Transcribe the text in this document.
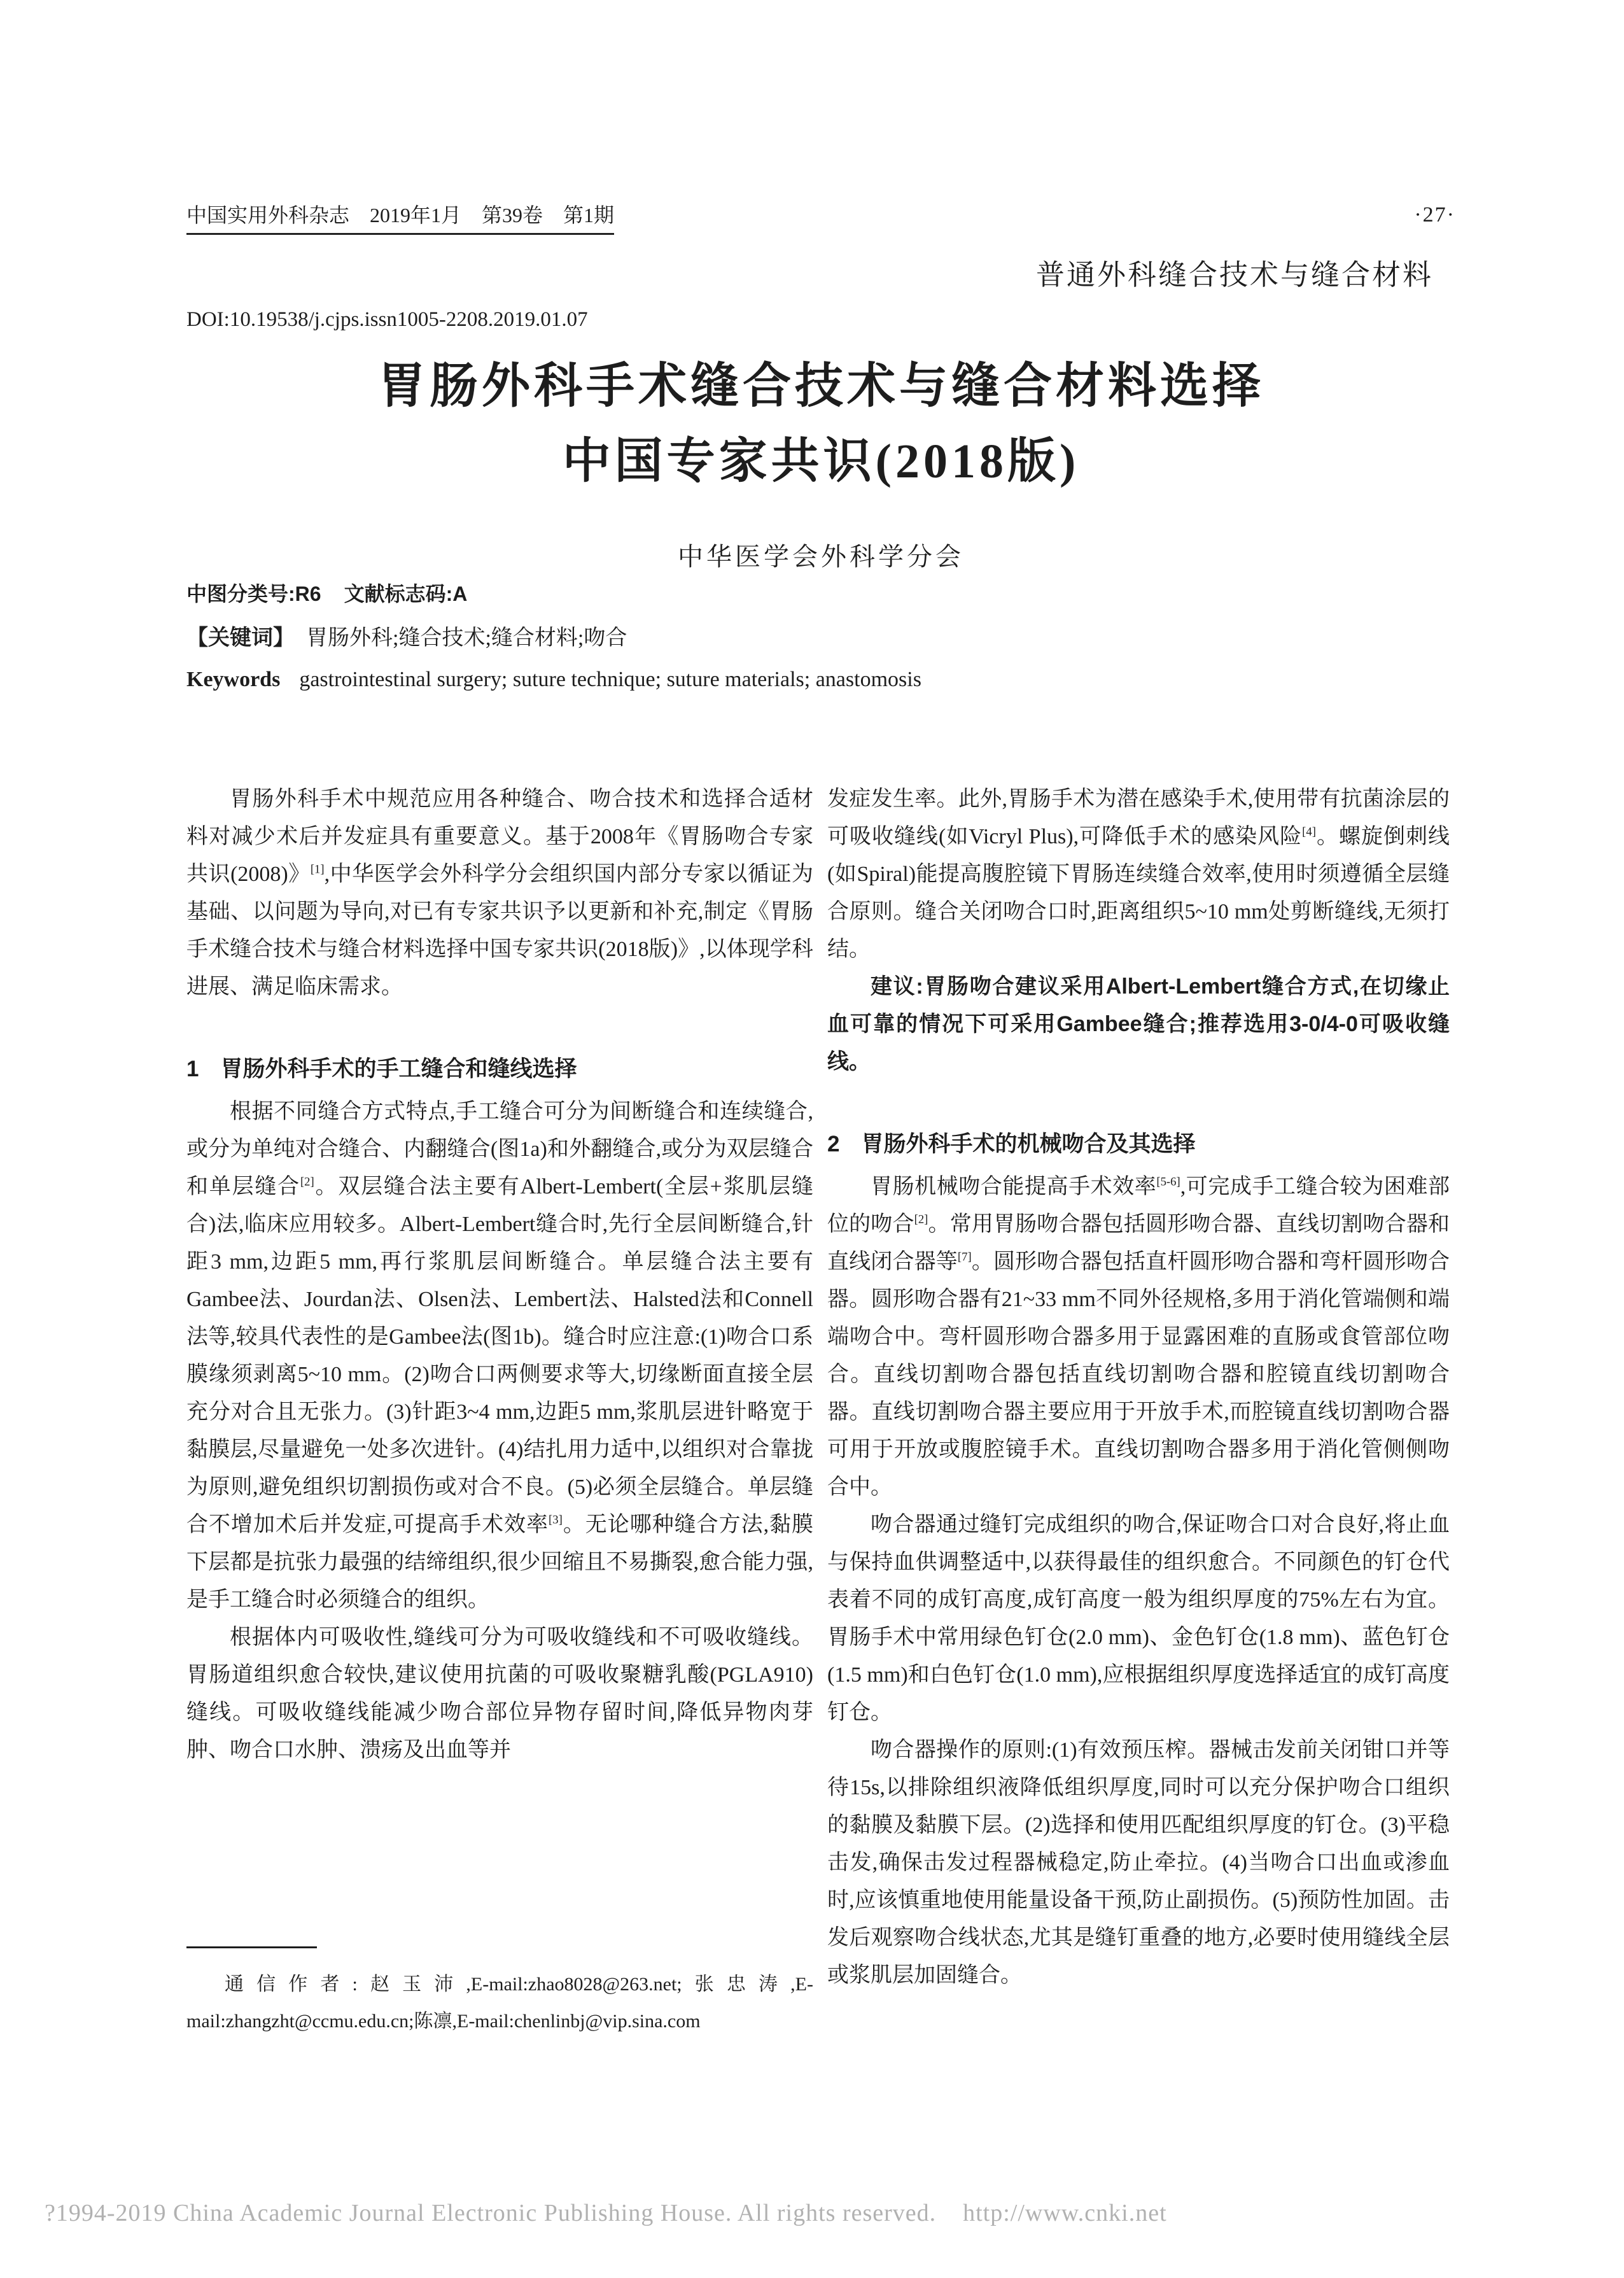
中国实用外科杂志　2019年1月　第39卷　第1期	·27·
普通外科缝合技术与缝合材料
DOI:10.19538/j.cjps.issn1005-2208.2019.01.07
胃肠外科手术缝合技术与缝合材料选择
中国专家共识(2018版)
中华医学会外科学分会
中图分类号:R6 文献标志码:A
【关键词】 胃肠外科;缝合技术;缝合材料;吻合
Keywords gastrointestinal surgery; suture technique; suture materials; anastomosis

胃肠外科手术中规范应用各种缝合、吻合技术和选择合适材料对减少术后并发症具有重要意义。基于2008年《胃肠吻合专家共识(2008)》[1],中华医学会外科学分会组织国内部分专家以循证为基础、以问题为导向,对已有专家共识予以更新和补充,制定《胃肠手术缝合技术与缝合材料选择中国专家共识(2018版)》,以体现学科进展、满足临床需求。

1 胃肠外科手术的手工缝合和缝线选择

根据不同缝合方式特点,手工缝合可分为间断缝合和连续缝合,或分为单纯对合缝合、内翻缝合(图1a)和外翻缝合,或分为双层缝合和单层缝合[2]。双层缝合法主要有Albert-Lembert(全层+浆肌层缝合)法,临床应用较多。Albert-Lembert缝合时,先行全层间断缝合,针距3 mm,边距5 mm,再行浆肌层间断缝合。单层缝合法主要有Gambee法、Jourdan法、Olsen法、Lembert法、Halsted法和Connell法等,较具代表性的是Gambee法(图1b)。缝合时应注意:(1)吻合口系膜缘须剥离5~10 mm。(2)吻合口两侧要求等大,切缘断面直接全层充分对合且无张力。(3)针距3~4 mm,边距5 mm,浆肌层进针略宽于黏膜层,尽量避免一处多次进针。(4)结扎用力适中,以组织对合靠拢为原则,避免组织切割损伤或对合不良。(5)必须全层缝合。单层缝合不增加术后并发症,可提高手术效率[3]。无论哪种缝合方法,黏膜下层都是抗张力最强的结缔组织,很少回缩且不易撕裂,愈合能力强,是手工缝合时必须缝合的组织。

根据体内可吸收性,缝线可分为可吸收缝线和不可吸收缝线。胃肠道组织愈合较快,建议使用抗菌的可吸收聚糖乳酸(PGLA910)缝线。可吸收缝线能减少吻合部位异物存留时间,降低异物肉芽肿、吻合口水肿、溃疡及出血等并

通信作者:赵玉沛,E-mail:zhao8028@263.net;张忠涛,E-mail:zhangzht@ccmu.edu.cn;陈凛,E-mail:chenlinbj@vip.sina.com

发症发生率。此外,胃肠手术为潜在感染手术,使用带有抗菌涂层的可吸收缝线(如Vicryl Plus),可降低手术的感染风险[4]。螺旋倒刺线(如Spiral)能提高腹腔镜下胃肠连续缝合效率,使用时须遵循全层缝合原则。缝合关闭吻合口时,距离组织5~10 mm处剪断缝线,无须打结。

建议:胃肠吻合建议采用Albert-Lembert缝合方式,在切缘止血可靠的情况下可采用Gambee缝合;推荐选用3-0/4-0可吸收缝线。

2 胃肠外科手术的机械吻合及其选择

胃肠机械吻合能提高手术效率[5-6],可完成手工缝合较为困难部位的吻合[2]。常用胃肠吻合器包括圆形吻合器、直线切割吻合器和直线闭合器等[7]。圆形吻合器包括直杆圆形吻合器和弯杆圆形吻合器。圆形吻合器有21~33 mm不同外径规格,多用于消化管端侧和端端吻合中。弯杆圆形吻合器多用于显露困难的直肠或食管部位吻合。直线切割吻合器包括直线切割吻合器和腔镜直线切割吻合器。直线切割吻合器主要应用于开放手术,而腔镜直线切割吻合器可用于开放或腹腔镜手术。直线切割吻合器多用于消化管侧侧吻合中。

吻合器通过缝钉完成组织的吻合,保证吻合口对合良好,将止血与保持血供调整适中,以获得最佳的组织愈合。不同颜色的钉仓代表着不同的成钉高度,成钉高度一般为组织厚度的75%左右为宜。胃肠手术中常用绿色钉仓(2.0 mm)、金色钉仓(1.8 mm)、蓝色钉仓(1.5 mm)和白色钉仓(1.0 mm),应根据组织厚度选择适宜的成钉高度钉仓。

吻合器操作的原则:(1)有效预压榨。器械击发前关闭钳口并等待15s,以排除组织液降低组织厚度,同时可以充分保护吻合口组织的黏膜及黏膜下层。(2)选择和使用匹配组织厚度的钉仓。(3)平稳击发,确保击发过程器械稳定,防止牵拉。(4)当吻合口出血或渗血时,应该慎重地使用能量设备干预,防止副损伤。(5)预防性加固。击发后观察吻合线状态,尤其是缝钉重叠的地方,必要时使用缝线全层或浆肌层加固缝合。

?1994-2019 China Academic Journal Electronic Publishing House. All rights reserved.    http://www.cnki.net
